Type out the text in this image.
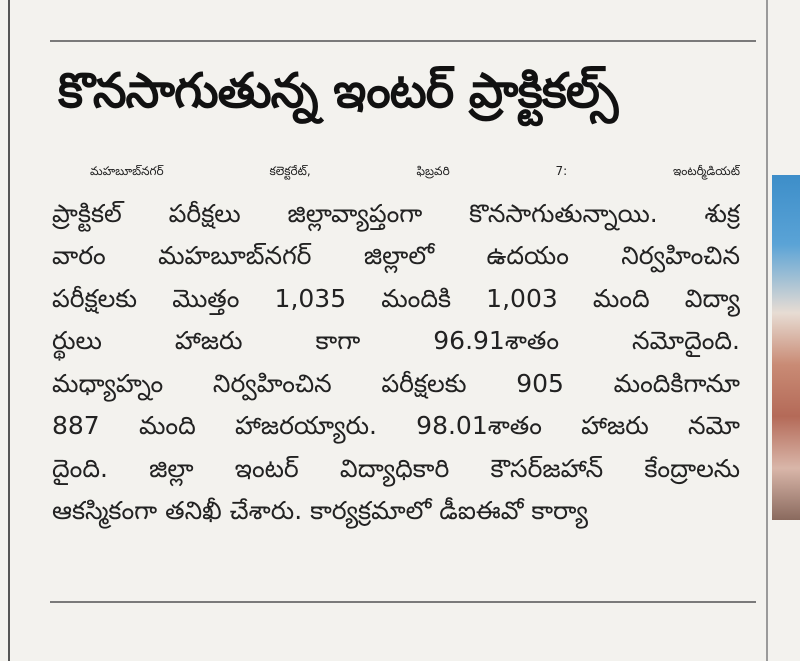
కొనసాగుతున్న ఇంటర్ ప్రాక్టికల్స్
మహబూబ్‌నగర్ కలెక్టరేట్, ఫిబ్రవరి 7: ఇంటర్మీడియట్
ప్రాక్టికల్ పరీక్షలు జిల్లావ్యాప్తంగా కొనసాగుతున్నాయి. శుక్ర
వారం మహబూబ్‌నగర్ జిల్లాలో ఉదయం నిర్వహించిన
పరీక్షలకు మొత్తం 1,035 మందికి 1,003 మంది విద్యా
ర్థులు హాజరు కాగా 96.91శాతం నమోదైంది.
మధ్యాహ్నం నిర్వహించిన పరీక్షలకు 905 మందికిగానూ
887 మంది హాజరయ్యారు. 98.01శాతం హాజరు నమో
దైంది. జిల్లా ఇంటర్ విద్యాధికారి కౌసర్‌జహాన్ కేంద్రాలను
ఆకస్మికంగా తనిఖీ చేశారు. కార్యక్రమాలో డీఐఈవో కార్యా
